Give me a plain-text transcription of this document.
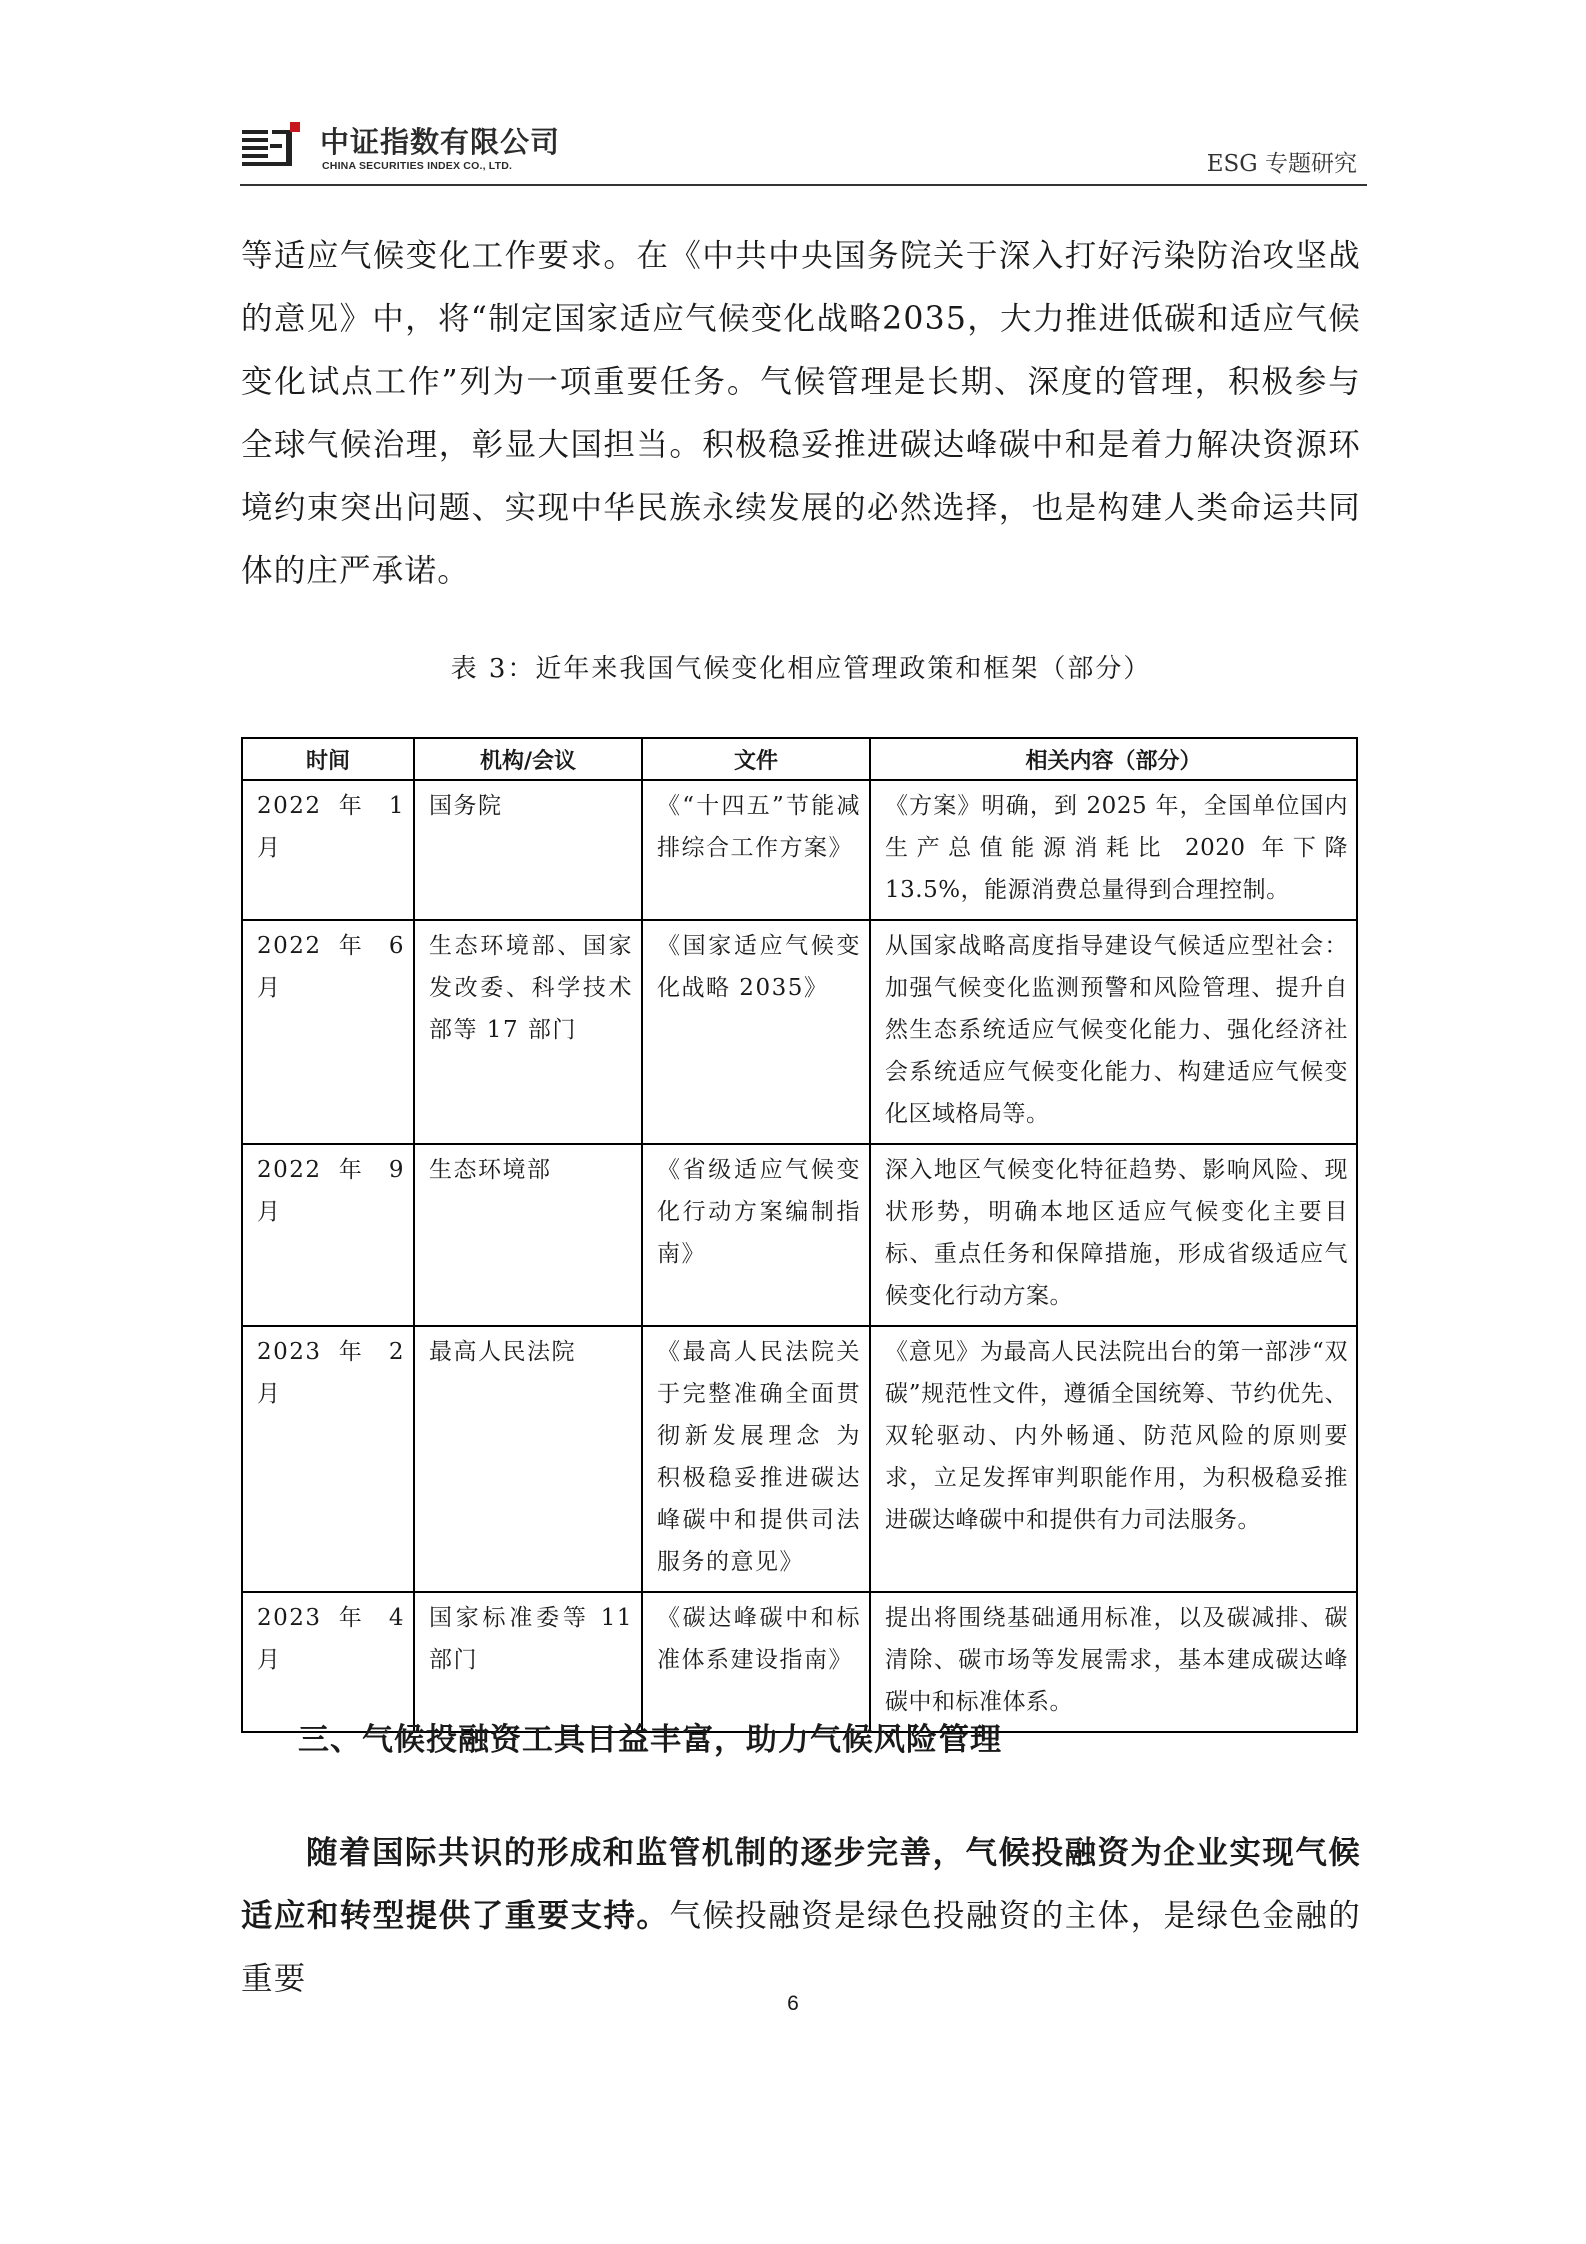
中证指数有限公司
CHINA SECURITIES INDEX CO., LTD.	ESG 专题研究
等适应气候变化工作要求。在《中共中央国务院关于深入打好污染防治攻坚战的意见》中，将“制定国家适应气候变化战略2035，大力推进低碳和适应气候变化试点工作”列为一项重要任务。气候管理是长期、深度的管理，积极参与全球气候治理，彰显大国担当。积极稳妥推进碳达峰碳中和是着力解决资源环境约束突出问题、实现中华民族永续发展的必然选择，也是构建人类命运共同体的庄严承诺。
表 3：近年来我国气候变化相应管理政策和框架（部分）
时间	机构/会议	文件	相关内容（部分）
2022 年 1 月	国务院	《“十四五”节能减排综合工作方案》	《方案》明确，到 2025 年，全国单位国内生产总值能源消耗比 2020 年下降 13.5%，能源消费总量得到合理控制。
2022 年 6 月	生态环境部、国家发改委、科学技术部等 17 部门	《国家适应气候变化战略 2035》	从国家战略高度指导建设气候适应型社会：加强气候变化监测预警和风险管理、提升自然生态系统适应气候变化能力、强化经济社会系统适应气候变化能力、构建适应气候变化区域格局等。
2022 年 9 月	生态环境部	《省级适应气候变化行动方案编制指南》	深入地区气候变化特征趋势、影响风险、现状形势，明确本地区适应气候变化主要目标、重点任务和保障措施，形成省级适应气候变化行动方案。
2023 年 2 月	最高人民法院	《最高人民法院关于完整准确全面贯彻新发展理念 为积极稳妥推进碳达峰碳中和提供司法服务的意见》	《意见》为最高人民法院出台的第一部涉“双碳”规范性文件，遵循全国统筹、节约优先、双轮驱动、内外畅通、防范风险的原则要求，立足发挥审判职能作用，为积极稳妥推进碳达峰碳中和提供有力司法服务。
2023 年 4 月	国家标准委等 11 部门	《碳达峰碳中和标准体系建设指南》	提出将围绕基础通用标准，以及碳减排、碳清除、碳市场等发展需求，基本建成碳达峰碳中和标准体系。
三、气候投融资工具日益丰富，助力气候风险管理
随着国际共识的形成和监管机制的逐步完善，气候投融资为企业实现气候适应和转型提供了重要支持。气候投融资是绿色投融资的主体，是绿色金融的重要
6
